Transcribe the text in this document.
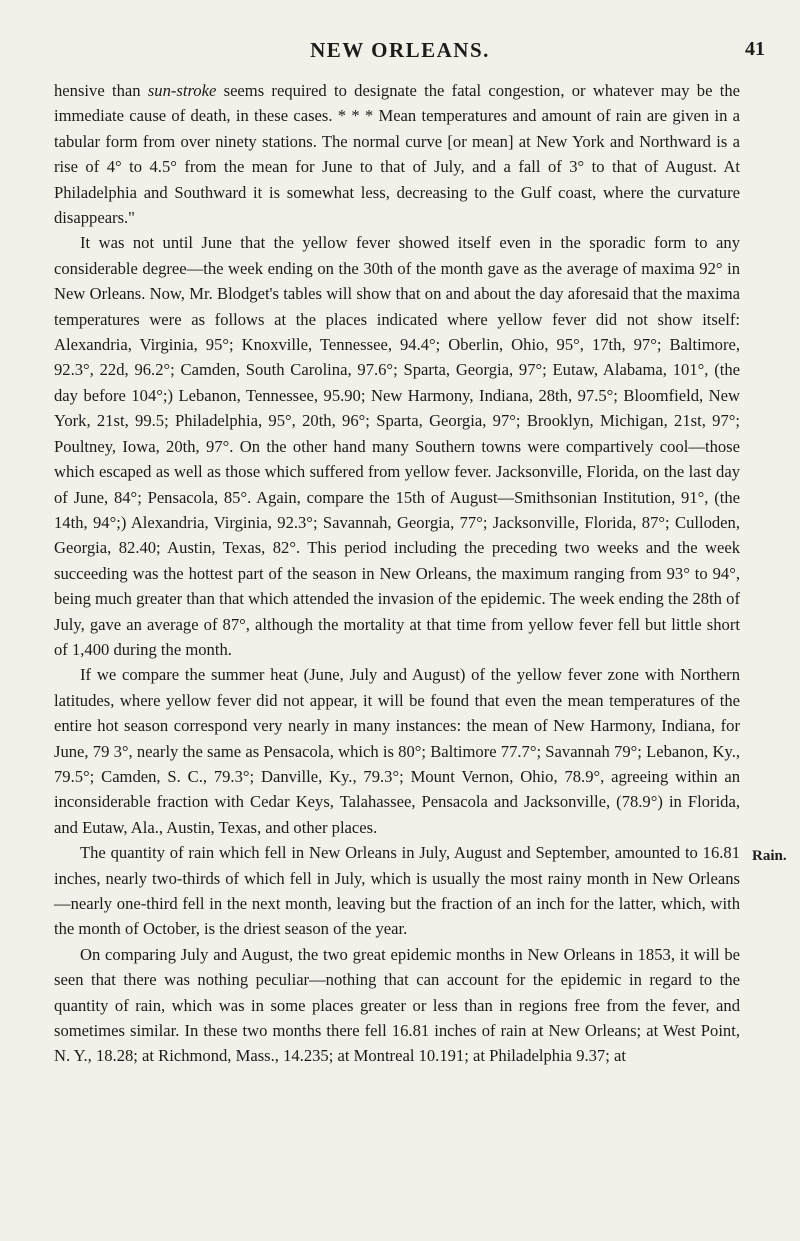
NEW ORLEANS.	41

hensive than sun-stroke seems required to designate the fatal congestion, or whatever may be the immediate cause of death, in these cases. * * * Mean temperatures and amount of rain are given in a tabular form from over ninety stations. The normal curve [or mean] at New York and Northward is a rise of 4° to 4.5° from the mean for June to that of July, and a fall of 3° to that of August. At Philadelphia and Southward it is somewhat less, decreasing to the Gulf coast, where the curvature disappears."

It was not until June that the yellow fever showed itself even in the sporadic form to any considerable degree—the week ending on the 30th of the month gave as the average of maxima 92° in New Orleans. Now, Mr. Blodget's tables will show that on and about the day aforesaid that the maxima temperatures were as follows at the places indicated where yellow fever did not show itself: Alexandria, Virginia, 95°; Knoxville, Tennessee, 94.4°; Oberlin, Ohio, 95°, 17th, 97°; Baltimore, 92.3°, 22d, 96.2°; Camden, South Carolina, 97.6°; Sparta, Georgia, 97°; Eutaw, Alabama, 101°, (the day before 104°;) Lebanon, Tennessee, 95.90; New Harmony, Indiana, 28th, 97.5°; Bloomfield, New York, 21st, 99.5; Philadelphia, 95°, 20th, 96°; Sparta, Georgia, 97°; Brooklyn, Michigan, 21st, 97°; Poultney, Iowa, 20th, 97°. On the other hand many Southern towns were compartively cool—those which escaped as well as those which suffered from yellow fever. Jacksonville, Florida, on the last day of June, 84°; Pensacola, 85°. Again, compare the 15th of August—Smithsonian Institution, 91°, (the 14th, 94°;) Alexandria, Virginia, 92.3°; Savannah, Georgia, 77°; Jacksonville, Florida, 87°; Culloden, Georgia, 82.40; Austin, Texas, 82°. This period including the preceding two weeks and the week succeeding was the hottest part of the season in New Orleans, the maximum ranging from 93° to 94°, being much greater than that which attended the invasion of the epidemic. The week ending the 28th of July, gave an average of 87°, although the mortality at that time from yellow fever fell but little short of 1,400 during the month.

If we compare the summer heat (June, July and August) of the yellow fever zone with Northern latitudes, where yellow fever did not appear, it will be found that even the mean temperatures of the entire hot season correspond very nearly in many instances: the mean of New Harmony, Indiana, for June, 79 3°, nearly the same as Pensacola, which is 80°; Baltimore 77.7°; Savannah 79°; Lebanon, Ky., 79.5°; Camden, S. C., 79.3°; Danville, Ky., 79.3°; Mount Vernon, Ohio, 78.9°, agreeing within an inconsiderable fraction with Cedar Keys, Talahassee, Pensacola and Jacksonville, (78.9°) in Florida, and Eutaw, Ala., Austin, Texas, and other places.

The quantity of rain which fell in New Orleans in July, August and September, amounted to 16.81 inches, nearly two-thirds of which fell in July, which is usually the most rainy month in New Orleans—nearly one-third fell in the next month, leaving but the fraction of an inch for the latter, which, with the month of October, is the driest season of the year.

On comparing July and August, the two great epidemic months in New Orleans in 1853, it will be seen that there was nothing peculiar—nothing that can account for the epidemic in regard to the quantity of rain, which was in some places greater or less than in regions free from the fever, and sometimes similar. In these two months there fell 16.81 inches of rain at New Orleans; at West Point, N. Y., 18.28; at Richmond, Mass., 14.235; at Montreal 10.191; at Philadelphia 9.37; at

Rain.
